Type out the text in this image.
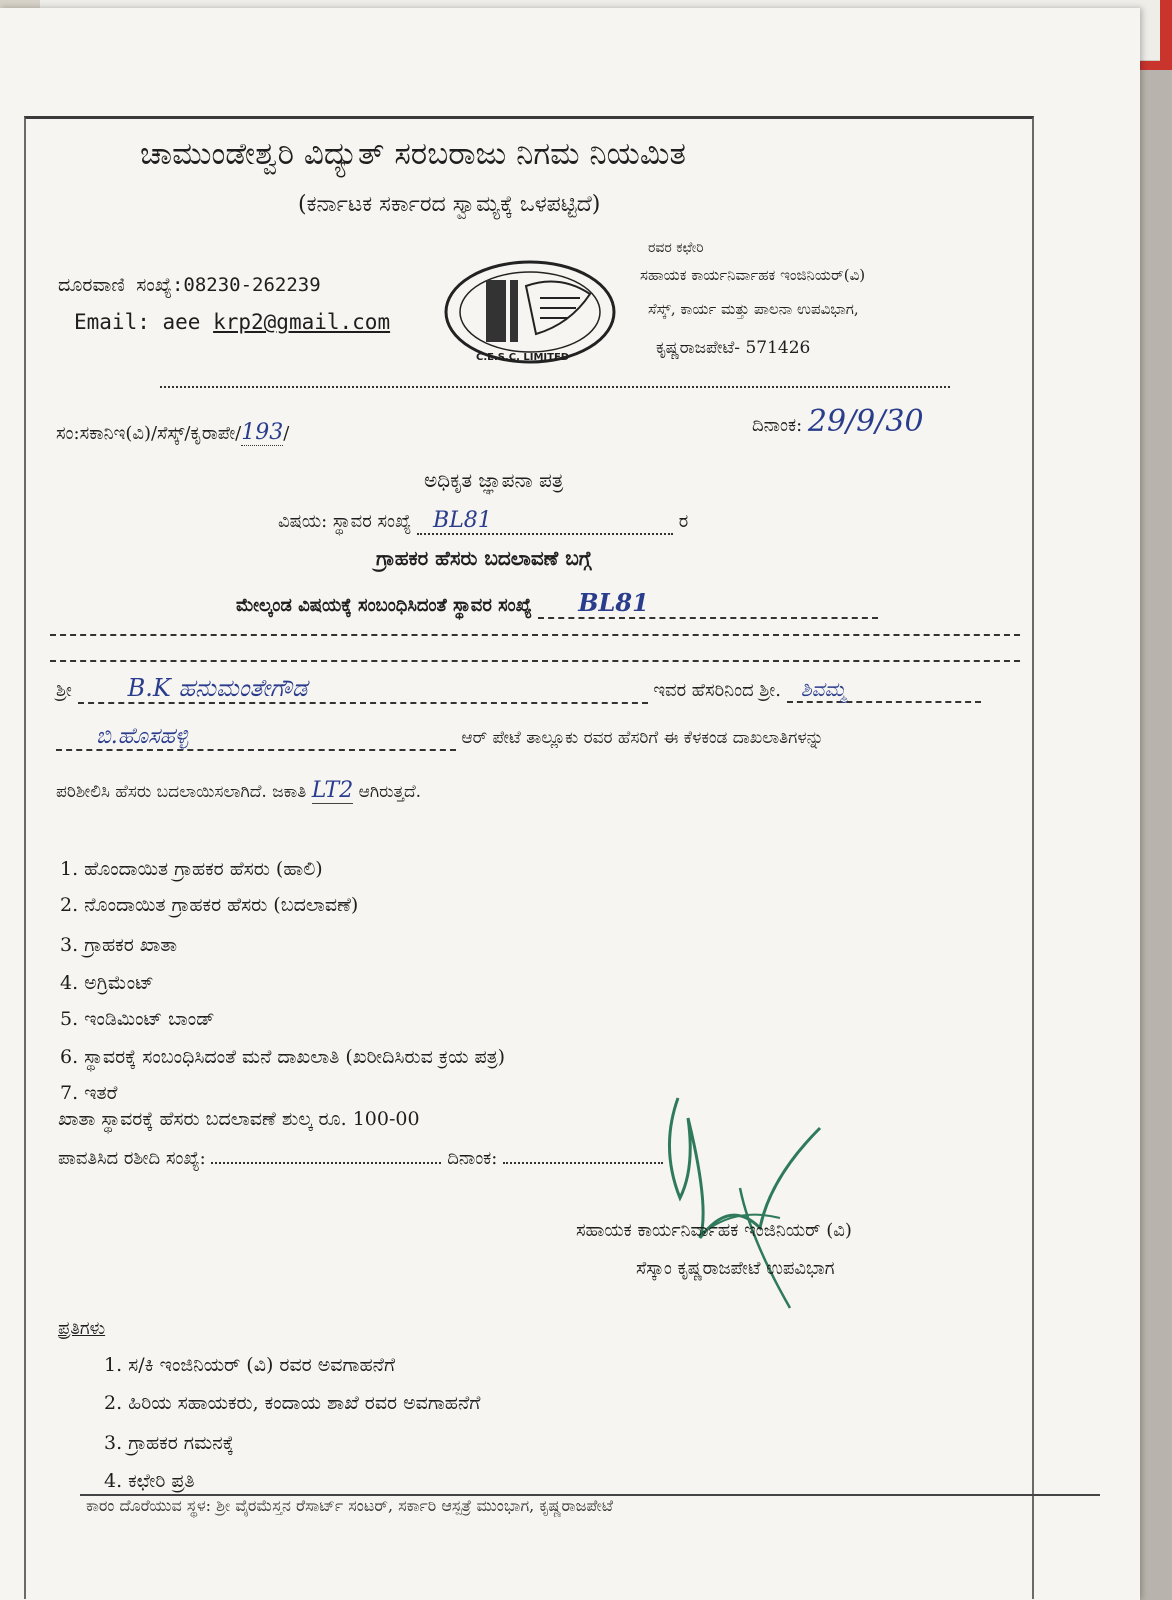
ಚಾಮುಂಡೇಶ್ವರಿ ವಿದ್ಯುತ್ ಸರಬರಾಜು ನಿಗಮ ನಿಯಮಿತ
(ಕರ್ನಾಟಕ ಸರ್ಕಾರದ ಸ್ವಾಮ್ಯಕ್ಕೆ ಒಳಪಟ್ಟಿದೆ)
ದೂರವಾಣಿ ಸಂಖ್ಯೆ:08230-262239
Email: aee krp2@gmail.com
C.E.S.C. LIMITED
ರವರ ಕಛೇರಿ
ಸಹಾಯಕ ಕಾರ್ಯನಿರ್ವಾಹಕ ಇಂಜಿನಿಯರ್(ವಿ)
ಸೆಸ್ಕ್, ಕಾರ್ಯ ಮತ್ತು ಪಾಲನಾ ಉಪವಿಭಾಗ,
ಕೃಷ್ಣರಾಜಪೇಟೆ- 571426
ಸಂ:ಸಕಾನಿಇ(ವಿ)/ಸೆಸ್ಕ್/ಕೃರಾಪೇ/193/	ದಿನಾಂಕ: 29/9/30
ಅಧಿಕೃತ ಜ್ಞಾಪನಾ ಪತ್ರ
ವಿಷಯ: ಸ್ಥಾವರ ಸಂಖ್ಯೆ BL81	ರ
ಗ್ರಾಹಕರ ಹೆಸರು ಬದಲಾವಣೆ ಬಗ್ಗೆ
ಮೇಲ್ಕಂಡ ವಿಷಯಕ್ಕೆ ಸಂಬಂಧಿಸಿದಂತೆ ಸ್ಥಾವರ ಸಂಖ್ಯೆ BL81
ಶ್ರೀ B.K ಹನುಮಂತೇಗೌಡ	ಇವರ ಹೆಸರಿನಿಂದ ಶ್ರೀ. ಶಿವಮ್ಮ
ಬಿ.ಹೊಸಹಳ್ಳಿ	ಆರ್ ಪೇಟೆ ತಾಲ್ಲೂಕು ರವರ ಹೆಸರಿಗೆ ಈ ಕೆಳಕಂಡ ದಾಖಲಾತಿಗಳನ್ನು
ಪರಿಶೀಲಿಸಿ ಹೆಸರು ಬದಲಾಯಿಸಲಾಗಿದೆ. ಜಕಾತಿ LT2 ಆಗಿರುತ್ತದೆ.
1. ಹೊಂದಾಯಿತ ಗ್ರಾಹಕರ ಹೆಸರು (ಹಾಲಿ)
2. ನೊಂದಾಯಿತ ಗ್ರಾಹಕರ ಹೆಸರು (ಬದಲಾವಣೆ)
3. ಗ್ರಾಹಕರ ಖಾತಾ
4. ಅಗ್ರಿಮೆಂಟ್
5. ಇಂಡಿಮಿಂಟ್ ಬಾಂಡ್
6. ಸ್ಥಾವರಕ್ಕೆ ಸಂಬಂಧಿಸಿದಂತೆ ಮನೆ ದಾಖಲಾತಿ (ಖರೀದಿಸಿರುವ ಕ್ರಯ ಪತ್ರ)
7. ಇತರೆ
ಖಾತಾ ಸ್ಥಾವರಕ್ಕೆ ಹೆಸರು ಬದಲಾವಣೆ ಶುಲ್ಕ ರೂ. 100-00
ಪಾವತಿಸಿದ ರಶೀದಿ ಸಂಖ್ಯೆ:	ದಿನಾಂಕ:
ಸಹಾಯಕ ಕಾರ್ಯನಿರ್ವಾಹಕ ಇಂಜಿನಿಯರ್ (ವಿ)
ಸೆಸ್ಕಾಂ ಕೃಷ್ಣರಾಜಪೇಟೆ ಉಪವಿಭಾಗ
ಪ್ರತಿಗಳು
1. ಸ/ಕಿ ಇಂಜಿನಿಯರ್ (ವಿ) ರವರ ಅವಗಾಹನೆಗೆ
2. ಹಿರಿಯ ಸಹಾಯಕರು, ಕಂದಾಯ ಶಾಖೆ ರವರ ಅವಗಾಹನೆಗೆ
3. ಗ್ರಾಹಕರ ಗಮನಕ್ಕೆ
4. ಕಛೇರಿ ಪ್ರತಿ
ಕಾರಂ ದೊರೆಯುವ ಸ್ಥಳ: ಶ್ರೀ ವೈರಮೆಸ್ತನ ರೆಸಾರ್ಟ್ ಸಂಟರ್, ಸರ್ಕಾರಿ ಆಸ್ಪತ್ರೆ ಮುಂಭಾಗ, ಕೃಷ್ಣರಾಜಪೇಟೆ
